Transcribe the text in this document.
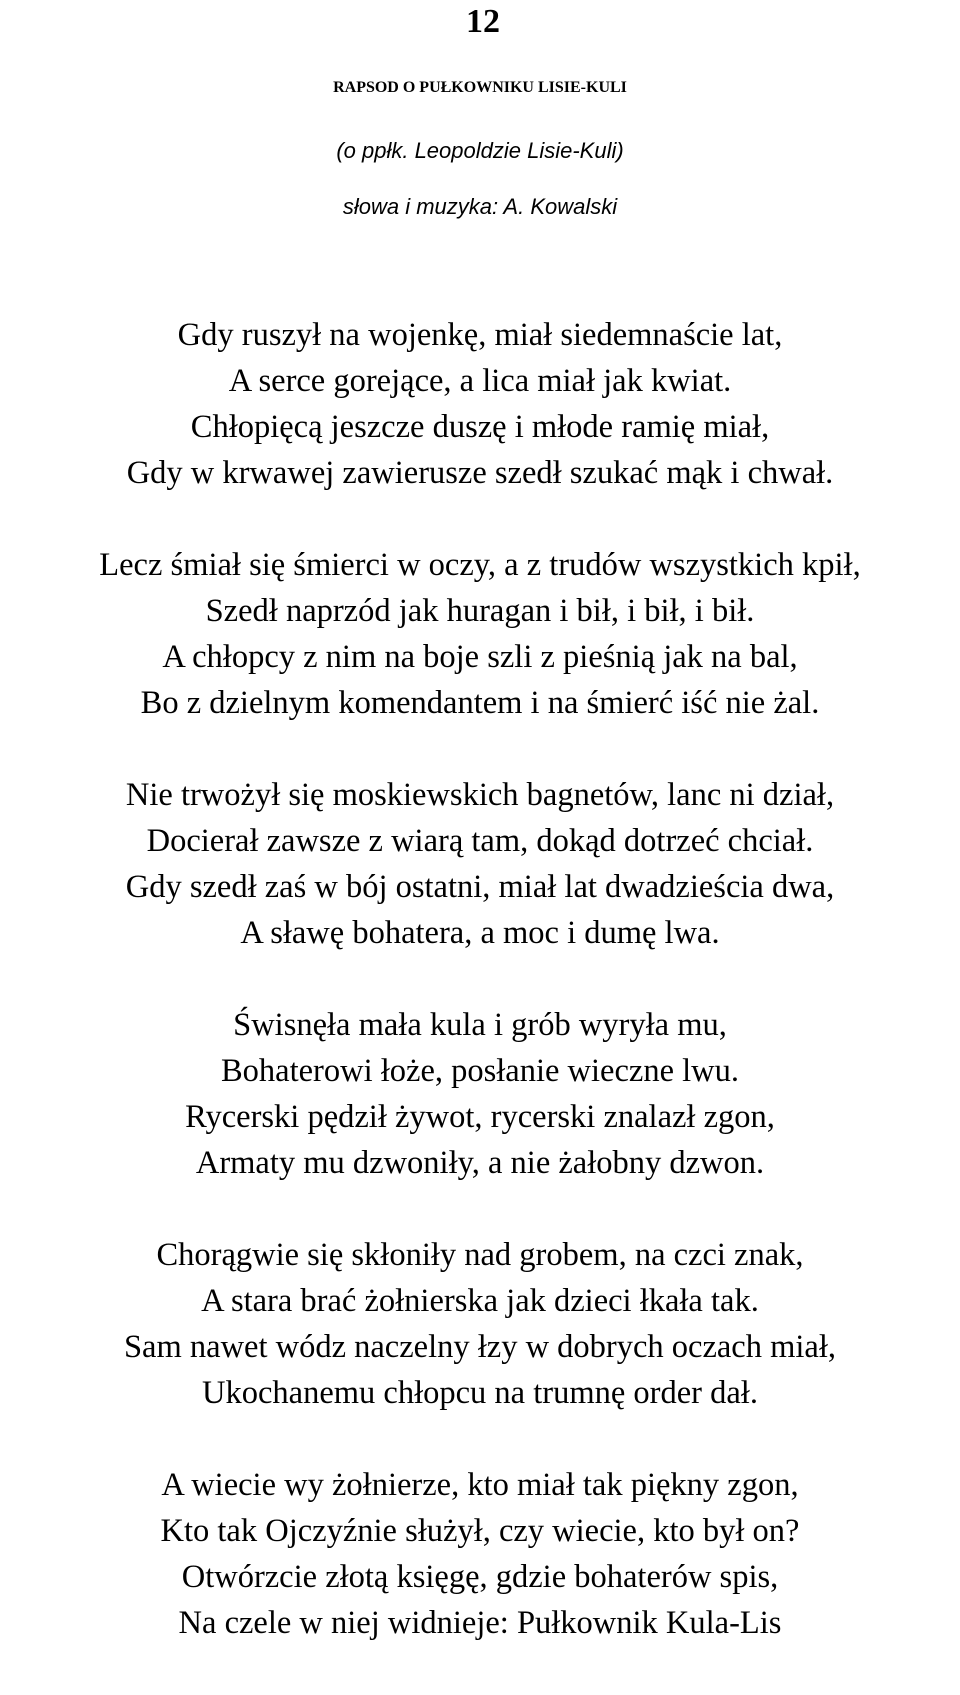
12
RAPSOD O PUŁKOWNIKU LISIE-KULI
(o ppłk. Leopoldzie Lisie-Kuli)
słowa i muzyka: A. Kowalski
Gdy ruszył na wojenkę, miał siedemnaście lat,
A serce gorejące, a lica miał jak kwiat.
Chłopięcą jeszcze duszę i młode ramię miał,
Gdy w krwawej zawierusze szedł szukać mąk i chwał.
Lecz śmiał się śmierci w oczy, a z trudów wszystkich kpił,
Szedł naprzód jak huragan i bił, i bił, i bił.
A chłopcy z nim na boje szli z pieśnią jak na bal,
Bo z dzielnym komendantem i na śmierć iść nie żal.
Nie trwożył się moskiewskich bagnetów, lanc ni dział,
Docierał zawsze z wiarą tam, dokąd dotrzeć chciał.
Gdy szedł zaś w bój ostatni, miał lat dwadzieścia dwa,
A sławę bohatera, a moc i dumę lwa.
Świsnęła mała kula i grób wyryła mu,
Bohaterowi łoże, posłanie wieczne lwu.
Rycerski pędził żywot, rycerski znalazł zgon,
Armaty mu dzwoniły, a nie żałobny dzwon.
Chorągwie się skłoniły nad grobem, na czci znak,
A stara brać żołnierska jak dzieci łkała tak.
Sam nawet wódz naczelny łzy w dobrych oczach miał,
Ukochanemu chłopcu na trumnę order dał.
A wiecie wy żołnierze, kto miał tak piękny zgon,
Kto tak Ojczyźnie służył, czy wiecie, kto był on?
Otwórzcie złotą księgę, gdzie bohaterów spis,
Na czele w niej widnieje: Pułkownik Kula-Lis
